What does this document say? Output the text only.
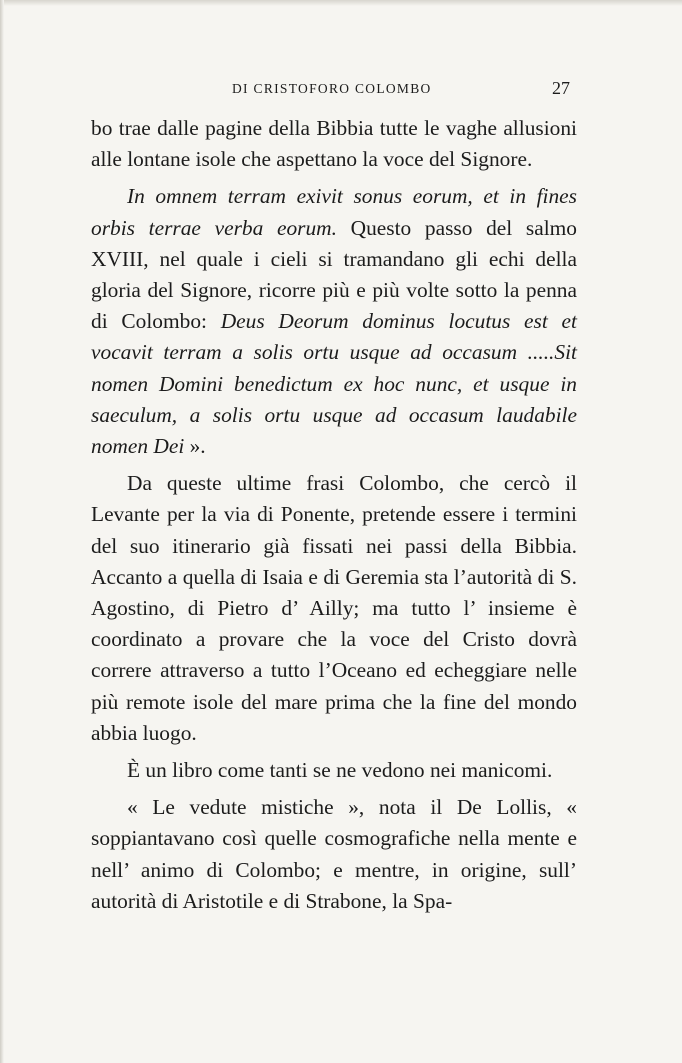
DI CRISTOFORO COLOMBO	27

bo trae dalle pagine della Bibbia tutte le vaghe allusioni alle lontane isole che aspettano la voce del Signore.

In omnem terram exivit sonus eorum, et in fines orbis terrae verba eorum. Questo passo del salmo XVIII, nel quale i cieli si tramandano gli echi della gloria del Signore, ricorre più e più volte sotto la penna di Colombo: Deus Deorum dominus locutus est et vocavit terram a solis ortu usque ad occasum .....Sit nomen Domini benedictum ex hoc nunc, et usque in saeculum, a solis ortu usque ad occasum laudabile nomen Dei ».

Da queste ultime frasi Colombo, che cercò il Levante per la via di Ponente, pretende essere i termini del suo itinerario già fissati nei passi della Bibbia. Accanto a quella di Isaia e di Geremia sta l’autorità di S. Agostino, di Pietro d’ Ailly; ma tutto l’ insieme è coordinato a provare che la voce del Cristo dovrà correre attraverso a tutto l’Oceano ed echeggiare nelle più remote isole del mare prima che la fine del mondo abbia luogo.

È un libro come tanti se ne vedono nei manicomi.

« Le vedute mistiche », nota il De Lollis, « soppiantavano così quelle cosmografiche nella mente e nell’ animo di Colombo; e mentre, in origine, sull’ autorità di Aristotile e di Strabone, la Spa-
